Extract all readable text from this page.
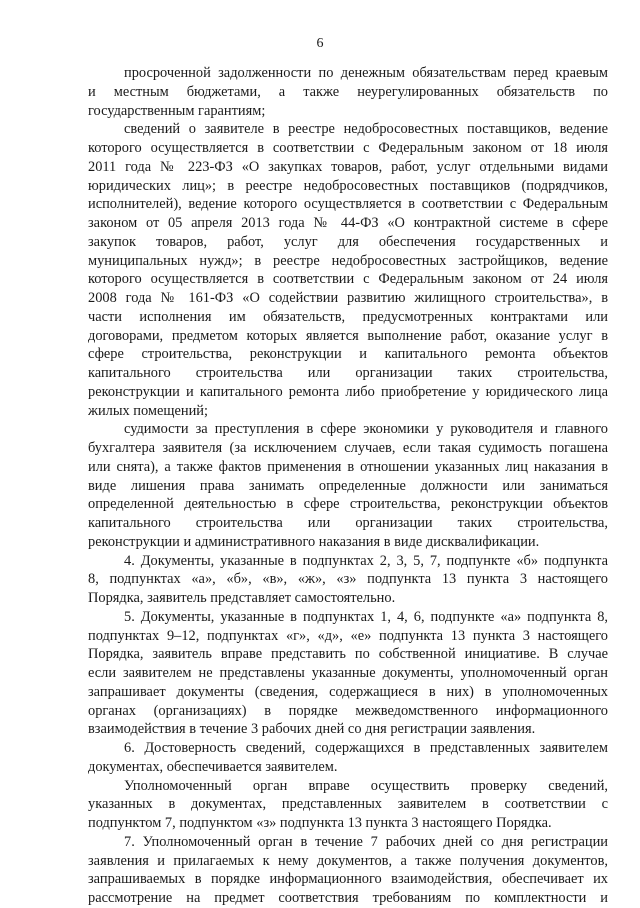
6
просроченной задолженности по денежным обязательствам перед краевым
и местным бюджетами, а также неурегулированных обязательств по
государственным гарантиям;
сведений о заявителе в реестре недобросовестных поставщиков, ведение
которого осуществляется в соответствии с Федеральным законом от 18 июля
2011 года № 223-ФЗ «О закупках товаров, работ, услуг отдельными видами
юридических лиц»; в реестре недобросовестных поставщиков (подрядчиков,
исполнителей), ведение которого осуществляется в соответствии с Федеральным
законом от 05 апреля 2013 года № 44-ФЗ «О контрактной системе в сфере
закупок товаров, работ, услуг для обеспечения государственных и
муниципальных нужд»; в реестре недобросовестных застройщиков, ведение
которого осуществляется в соответствии с Федеральным законом от 24 июля
2008 года № 161-ФЗ «О содействии развитию жилищного строительства», в
части исполнения им обязательств, предусмотренных контрактами или
договорами, предметом которых является выполнение работ, оказание услуг в
сфере строительства, реконструкции и капитального ремонта объектов
капитального строительства или организации таких строительства,
реконструкции и капитального ремонта либо приобретение у юридического лица
жилых помещений;
судимости за преступления в сфере экономики у руководителя и главного
бухгалтера заявителя (за исключением случаев, если такая судимость погашена
или снята), а также фактов применения в отношении указанных лиц наказания в
виде лишения права занимать определенные должности или заниматься
определенной деятельностью в сфере строительства, реконструкции объектов
капитального строительства или организации таких строительства,
реконструкции и административного наказания в виде дисквалификации.
4. Документы, указанные в подпунктах 2, 3, 5, 7, подпункте «б» подпункта
8, подпунктах «а», «б», «в», «ж», «з» подпункта 13 пункта 3 настоящего
Порядка, заявитель представляет самостоятельно.
5. Документы, указанные в подпунктах 1, 4, 6, подпункте «а» подпункта 8,
подпунктах 9–12, подпунктах «г», «д», «е» подпункта 13 пункта 3 настоящего
Порядка, заявитель вправе представить по собственной инициативе. В случае
если заявителем не представлены указанные документы, уполномоченный орган
запрашивает документы (сведения, содержащиеся в них) в уполномоченных
органах (организациях) в порядке межведомственного информационного
взаимодействия в течение 3 рабочих дней со дня регистрации заявления.
6. Достоверность сведений, содержащихся в представленных заявителем
документах, обеспечивается заявителем.
Уполномоченный орган вправе осуществить проверку сведений,
указанных в документах, представленных заявителем в соответствии с
подпунктом 7, подпунктом «з» подпункта 13 пункта 3 настоящего Порядка.
7. Уполномоченный орган в течение 7 рабочих дней со дня регистрации
заявления и прилагаемых к нему документов, а также получения документов,
запрашиваемых в порядке информационного взаимодействия, обеспечивает их
рассмотрение на предмет соответствия требованиям по комплектности и
